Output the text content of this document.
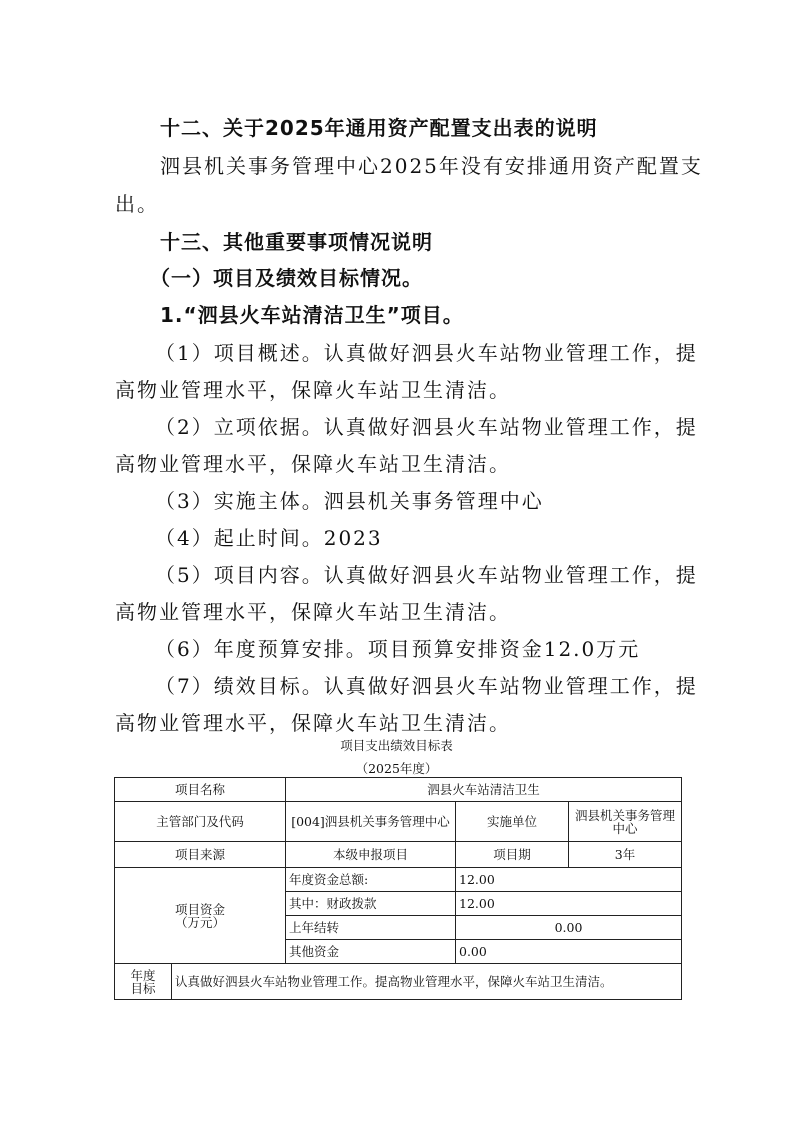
十二、关于2025年通用资产配置支出表的说明
泗县机关事务管理中心2025年没有安排通用资产配置支
出。
十三、其他重要事项情况说明
（一）项目及绩效目标情况。
1.“泗县火车站清洁卫生”项目。
（1）项目概述。认真做好泗县火车站物业管理工作，提
高物业管理水平，保障火车站卫生清洁。
（2）立项依据。认真做好泗县火车站物业管理工作，提
高物业管理水平，保障火车站卫生清洁。
（3）实施主体。泗县机关事务管理中心
（4）起止时间。2023
（5）项目内容。认真做好泗县火车站物业管理工作，提
高物业管理水平，保障火车站卫生清洁。
（6）年度预算安排。项目预算安排资金12.0万元
（7）绩效目标。认真做好泗县火车站物业管理工作，提
高物业管理水平，保障火车站卫生清洁。
项目支出绩效目标表
（2025年度）
项目名称		泗县火车站清洁卫生		
主管部门及代码		[004]泗县机关事务管理中心	实施单位	泗县机关事务管理中心
项目来源		本级申报项目	项目期	3年

项目资金
（万元）		年度资金总额:	12.00	
		其中：财政拨款	12.00	
		上年结转	0.00	
		其他资金	0.00	

年度
目标	认真做好泗县火车站物业管理工作。提高物业管理水平，保障火车站卫生清洁。			
